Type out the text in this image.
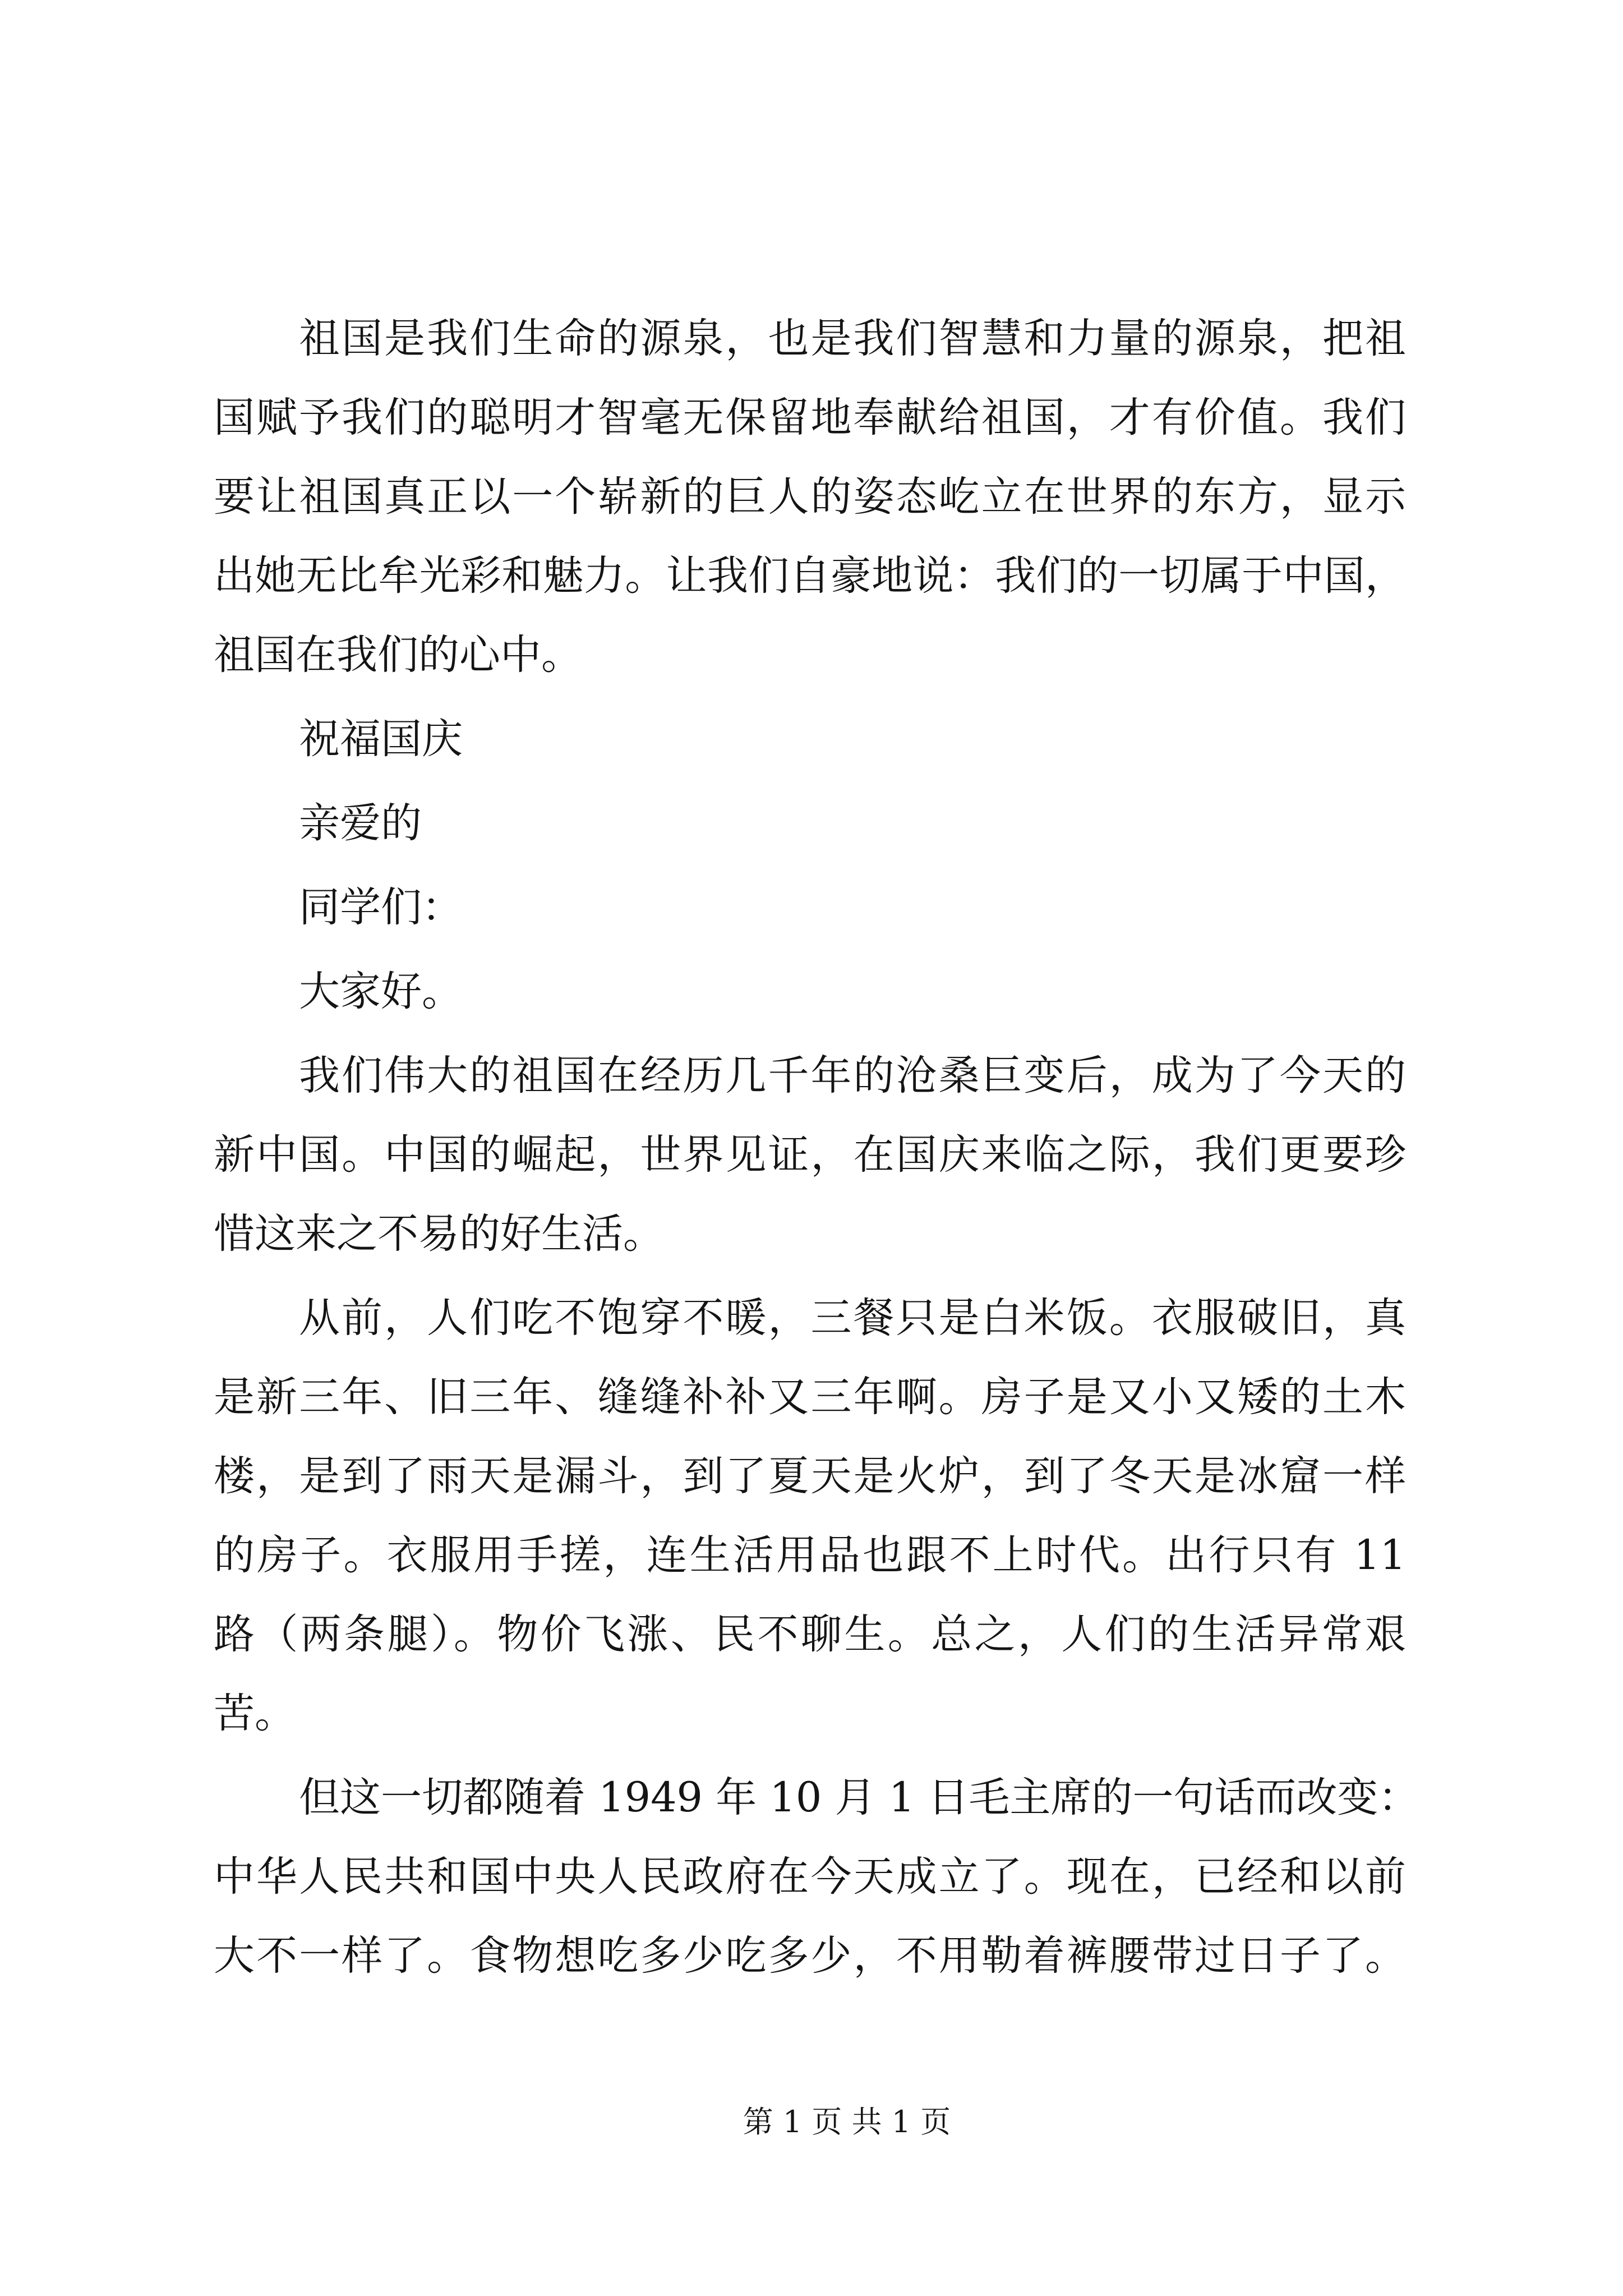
祖国是我们生命的源泉，也是我们智慧和力量的源泉，把祖
国赋予我们的聪明才智毫无保留地奉献给祖国，才有价值。我们
要让祖国真正以一个崭新的巨人的姿态屹立在世界的东方，显示
出她无比牟光彩和魅力。让我们自豪地说：我们的一切属于中国，
祖国在我们的心中。
祝福国庆
亲爱的
同学们：
大家好。
我们伟大的祖国在经历几千年的沧桑巨变后，成为了今天的
新中国。中国的崛起，世界见证，在国庆来临之际，我们更要珍
惜这来之不易的好生活。
从前，人们吃不饱穿不暖，三餐只是白米饭。衣服破旧，真
是新三年、旧三年、缝缝补补又三年啊。房子是又小又矮的土木
楼，是到了雨天是漏斗，到了夏天是火炉，到了冬天是冰窟一样
的房子。衣服用手搓，连生活用品也跟不上时代。出行只有 11
路（两条腿）。物价飞涨、民不聊生。总之，人们的生活异常艰
苦。
但这一切都随着 1949 年 10 月 1 日毛主席的一句话而改变：
中华人民共和国中央人民政府在今天成立了。现在，已经和以前
大不一样了。食物想吃多少吃多少，不用勒着裤腰带过日子了。
第 1 页 共 1 页
